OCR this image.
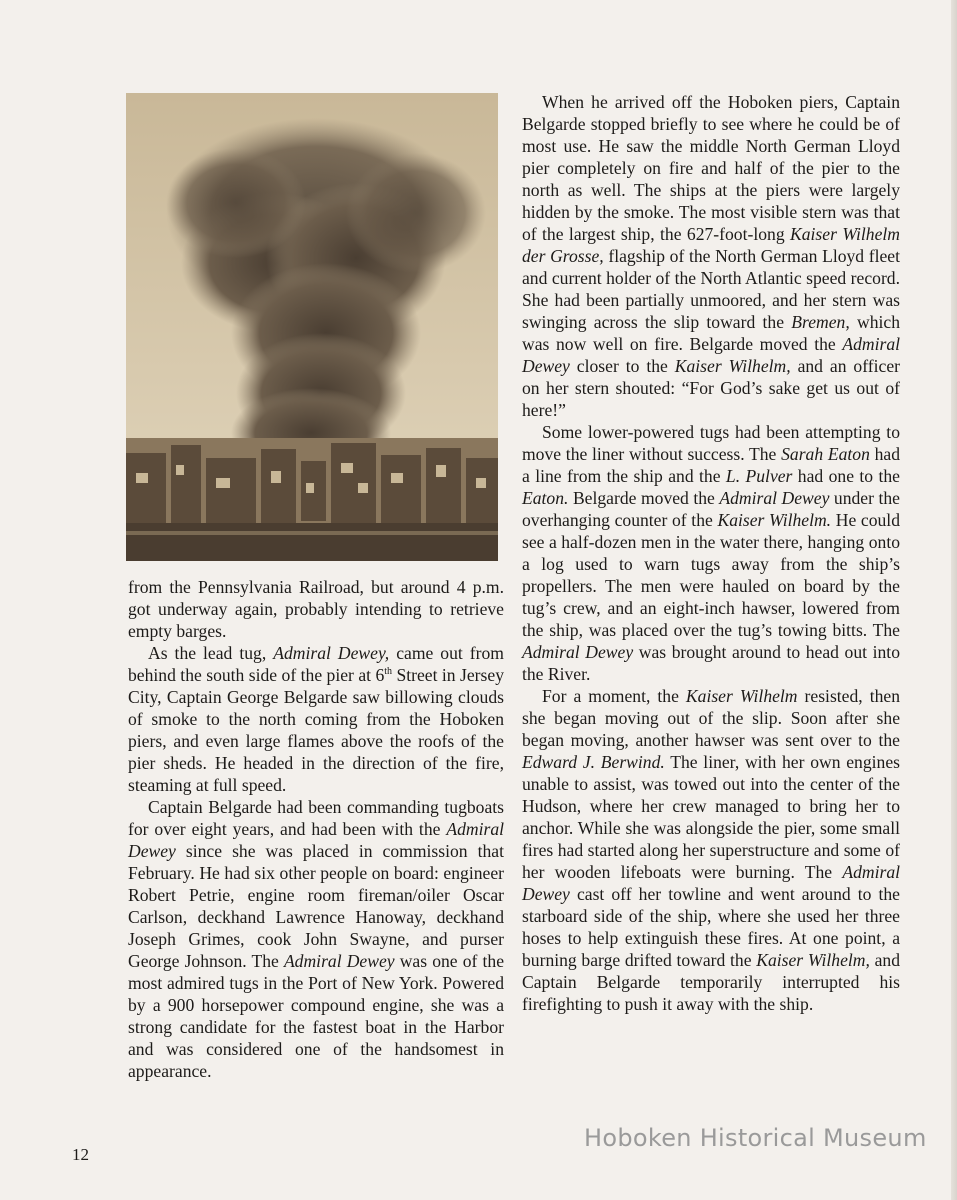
from the Pennsylvania Railroad, but around 4 p.m. got underway again, probably intending to retrieve empty barges.

As the lead tug, Admiral Dewey, came out from behind the south side of the pier at 6th Street in Jersey City, Captain George Belgarde saw billowing clouds of smoke to the north coming from the Hoboken piers, and even large flames above the roofs of the pier sheds. He headed in the direction of the fire, steaming at full speed.

Captain Belgarde had been commanding tugboats for over eight years, and had been with the Admiral Dewey since she was placed in commission that February. He had six other people on board: engineer Robert Petrie, engine room fireman/oiler Oscar Carlson, deckhand Lawrence Hanoway, deckhand Joseph Grimes, cook John Swayne, and purser George Johnson. The Admiral Dewey was one of the most admired tugs in the Port of New York. Powered by a 900 horsepower compound engine, she was a strong candidate for the fastest boat in the Harbor and was considered one of the handsomest in appearance.

When he arrived off the Hoboken piers, Captain Belgarde stopped briefly to see where he could be of most use. He saw the middle North German Lloyd pier completely on fire and half of the pier to the north as well. The ships at the piers were largely hidden by the smoke. The most visible stern was that of the largest ship, the 627-foot-long Kaiser Wilhelm der Grosse, flagship of the North German Lloyd fleet and current holder of the North Atlantic speed record. She had been partially unmoored, and her stern was swinging across the slip toward the Bremen, which was now well on fire. Belgarde moved the Admiral Dewey closer to the Kaiser Wilhelm, and an officer on her stern shouted: “For God’s sake get us out of here!”

Some lower-powered tugs had been attempting to move the liner without success. The Sarah Eaton had a line from the ship and the L. Pulver had one to the Eaton. Belgarde moved the Admiral Dewey under the overhanging counter of the Kaiser Wilhelm. He could see a half-dozen men in the water there, hanging onto a log used to warn tugs away from the ship’s propellers. The men were hauled on board by the tug’s crew, and an eight-inch hawser, lowered from the ship, was placed over the tug’s towing bitts. The Admiral Dewey was brought around to head out into the River.

For a moment, the Kaiser Wilhelm resisted, then she began moving out of the slip. Soon after she began moving, another hawser was sent over to the Edward J. Berwind. The liner, with her own engines unable to assist, was towed out into the center of the Hudson, where her crew managed to bring her to anchor. While she was alongside the pier, some small fires had started along her superstructure and some of her wooden lifeboats were burning. The Admiral Dewey cast off her towline and went around to the starboard side of the ship, where she used her three hoses to help extinguish these fires. At one point, a burning barge drifted toward the Kaiser Wilhelm, and Captain Belgarde temporarily interrupted his firefighting to push it away with the ship.

12
Hoboken Historical Museum
